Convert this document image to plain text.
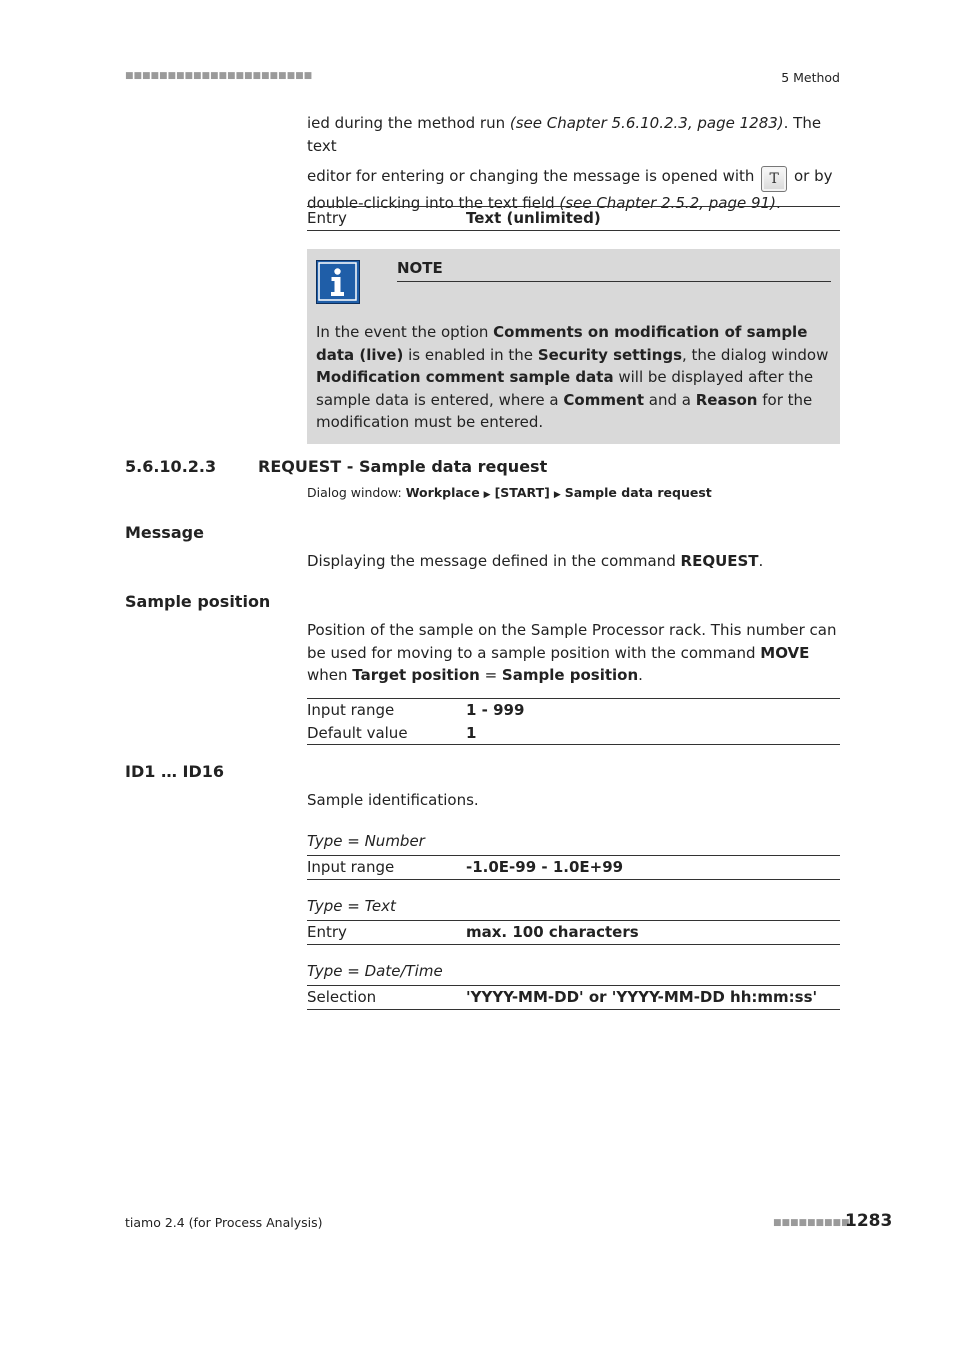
■■■■■■■■■■■■■■■■■■■■■■	5 Method
ied during the method run (see Chapter 5.6.10.2.3, page 1283). The text
editor for entering or changing the message is opened with T or by
double-clicking into the text field (see Chapter 2.5.2, page 91).
Entry	Text (unlimited)
NOTE
In the event the option Comments on modification of sample data (live) is enabled in the Security settings, the dialog window Modification comment sample data will be displayed after the sample data is entered, where a Comment and a Reason for the modification must be entered.
5.6.10.2.3	REQUEST - Sample data request
Dialog window: Workplace ▶ [START] ▶ Sample data request
Message
Displaying the message defined in the command REQUEST.
Sample position
Position of the sample on the Sample Processor rack. This number can be used for moving to a sample position with the command MOVE when Target position = Sample position.
Input range	1 - 999
Default value	1
ID1 … ID16
Sample identifications.
Type = Number
Input range	-1.0E-99 - 1.0E+99
Type = Text
Entry	max. 100 characters
Type = Date/Time
Selection	'YYYY-MM-DD' or 'YYYY-MM-DD hh:mm:ss'
tiamo 2.4 (for Process Analysis)	■■■■■■■■■
1283
